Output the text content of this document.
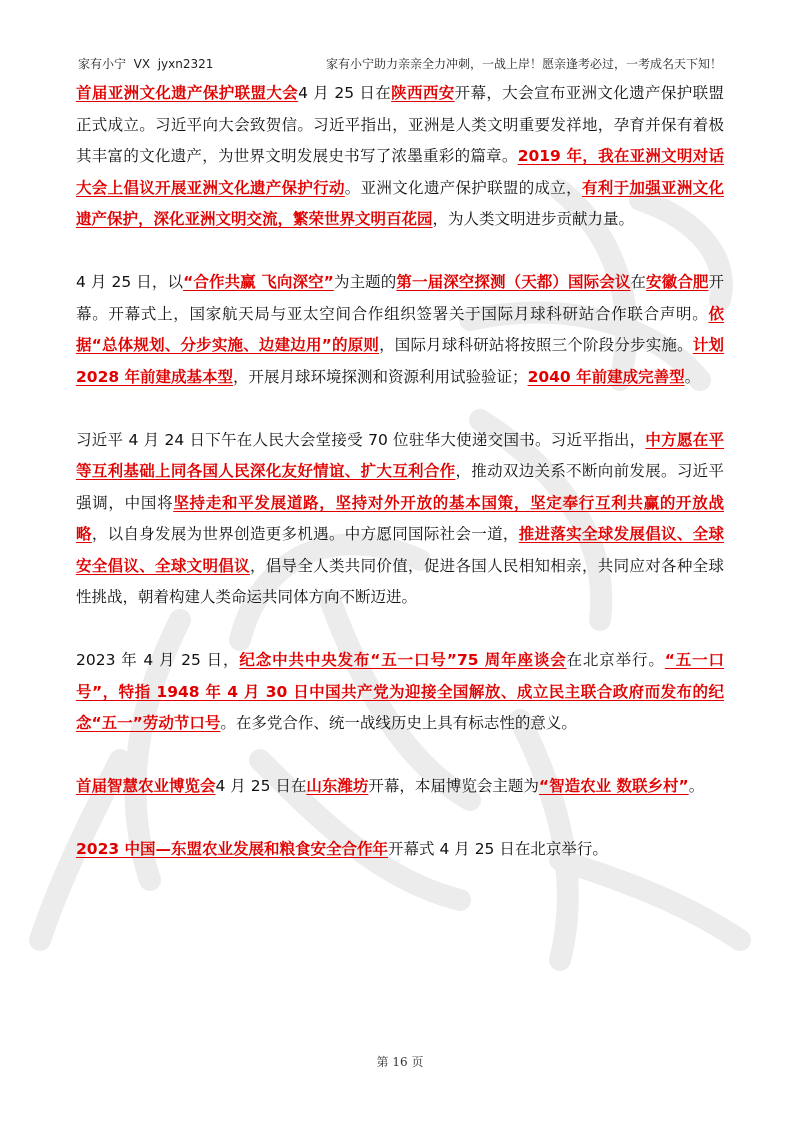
家有小宁  VX  jyxn2321	家有小宁助力亲亲全力冲刺，一战上岸！愿亲逢考必过，一考成名天下知！

首届亚洲文化遗产保护联盟大会4 月 25 日在陕西西安开幕，大会宣布亚洲文化遗产保护联盟正式成立。习近平向大会致贺信。习近平指出，亚洲是人类文明重要发祥地，孕育并保有着极其丰富的文化遗产，为世界文明发展史书写了浓墨重彩的篇章。2019 年，我在亚洲文明对话大会上倡议开展亚洲文化遗产保护行动。亚洲文化遗产保护联盟的成立，有利于加强亚洲文化遗产保护，深化亚洲文明交流，繁荣世界文明百花园，为人类文明进步贡献力量。

4 月 25 日，以“合作共赢 飞向深空”为主题的第一届深空探测（天都）国际会议在安徽合肥开幕。开幕式上，国家航天局与亚太空间合作组织签署关于国际月球科研站合作联合声明。依据“总体规划、分步实施、边建边用”的原则，国际月球科研站将按照三个阶段分步实施。计划 2028 年前建成基本型，开展月球环境探测和资源利用试验验证；2040 年前建成完善型。

习近平 4 月 24 日下午在人民大会堂接受 70 位驻华大使递交国书。习近平指出，中方愿在平等互利基础上同各国人民深化友好情谊、扩大互利合作，推动双边关系不断向前发展。习近平强调，中国将坚持走和平发展道路，坚持对外开放的基本国策，坚定奉行互利共赢的开放战略，以自身发展为世界创造更多机遇。中方愿同国际社会一道，推进落实全球发展倡议、全球安全倡议、全球文明倡议，倡导全人类共同价值，促进各国人民相知相亲，共同应对各种全球性挑战，朝着构建人类命运共同体方向不断迈进。

2023 年 4 月 25 日，纪念中共中央发布“五一口号”75 周年座谈会在北京举行。“五一口号”，特指 1948 年 4 月 30 日中国共产党为迎接全国解放、成立民主联合政府而发布的纪念“五一”劳动节口号。在多党合作、统一战线历史上具有标志性的意义。

首届智慧农业博览会4 月 25 日在山东潍坊开幕，本届博览会主题为“智造农业 数联乡村”。

2023 中国—东盟农业发展和粮食安全合作年开幕式 4 月 25 日在北京举行。

第 16 页
